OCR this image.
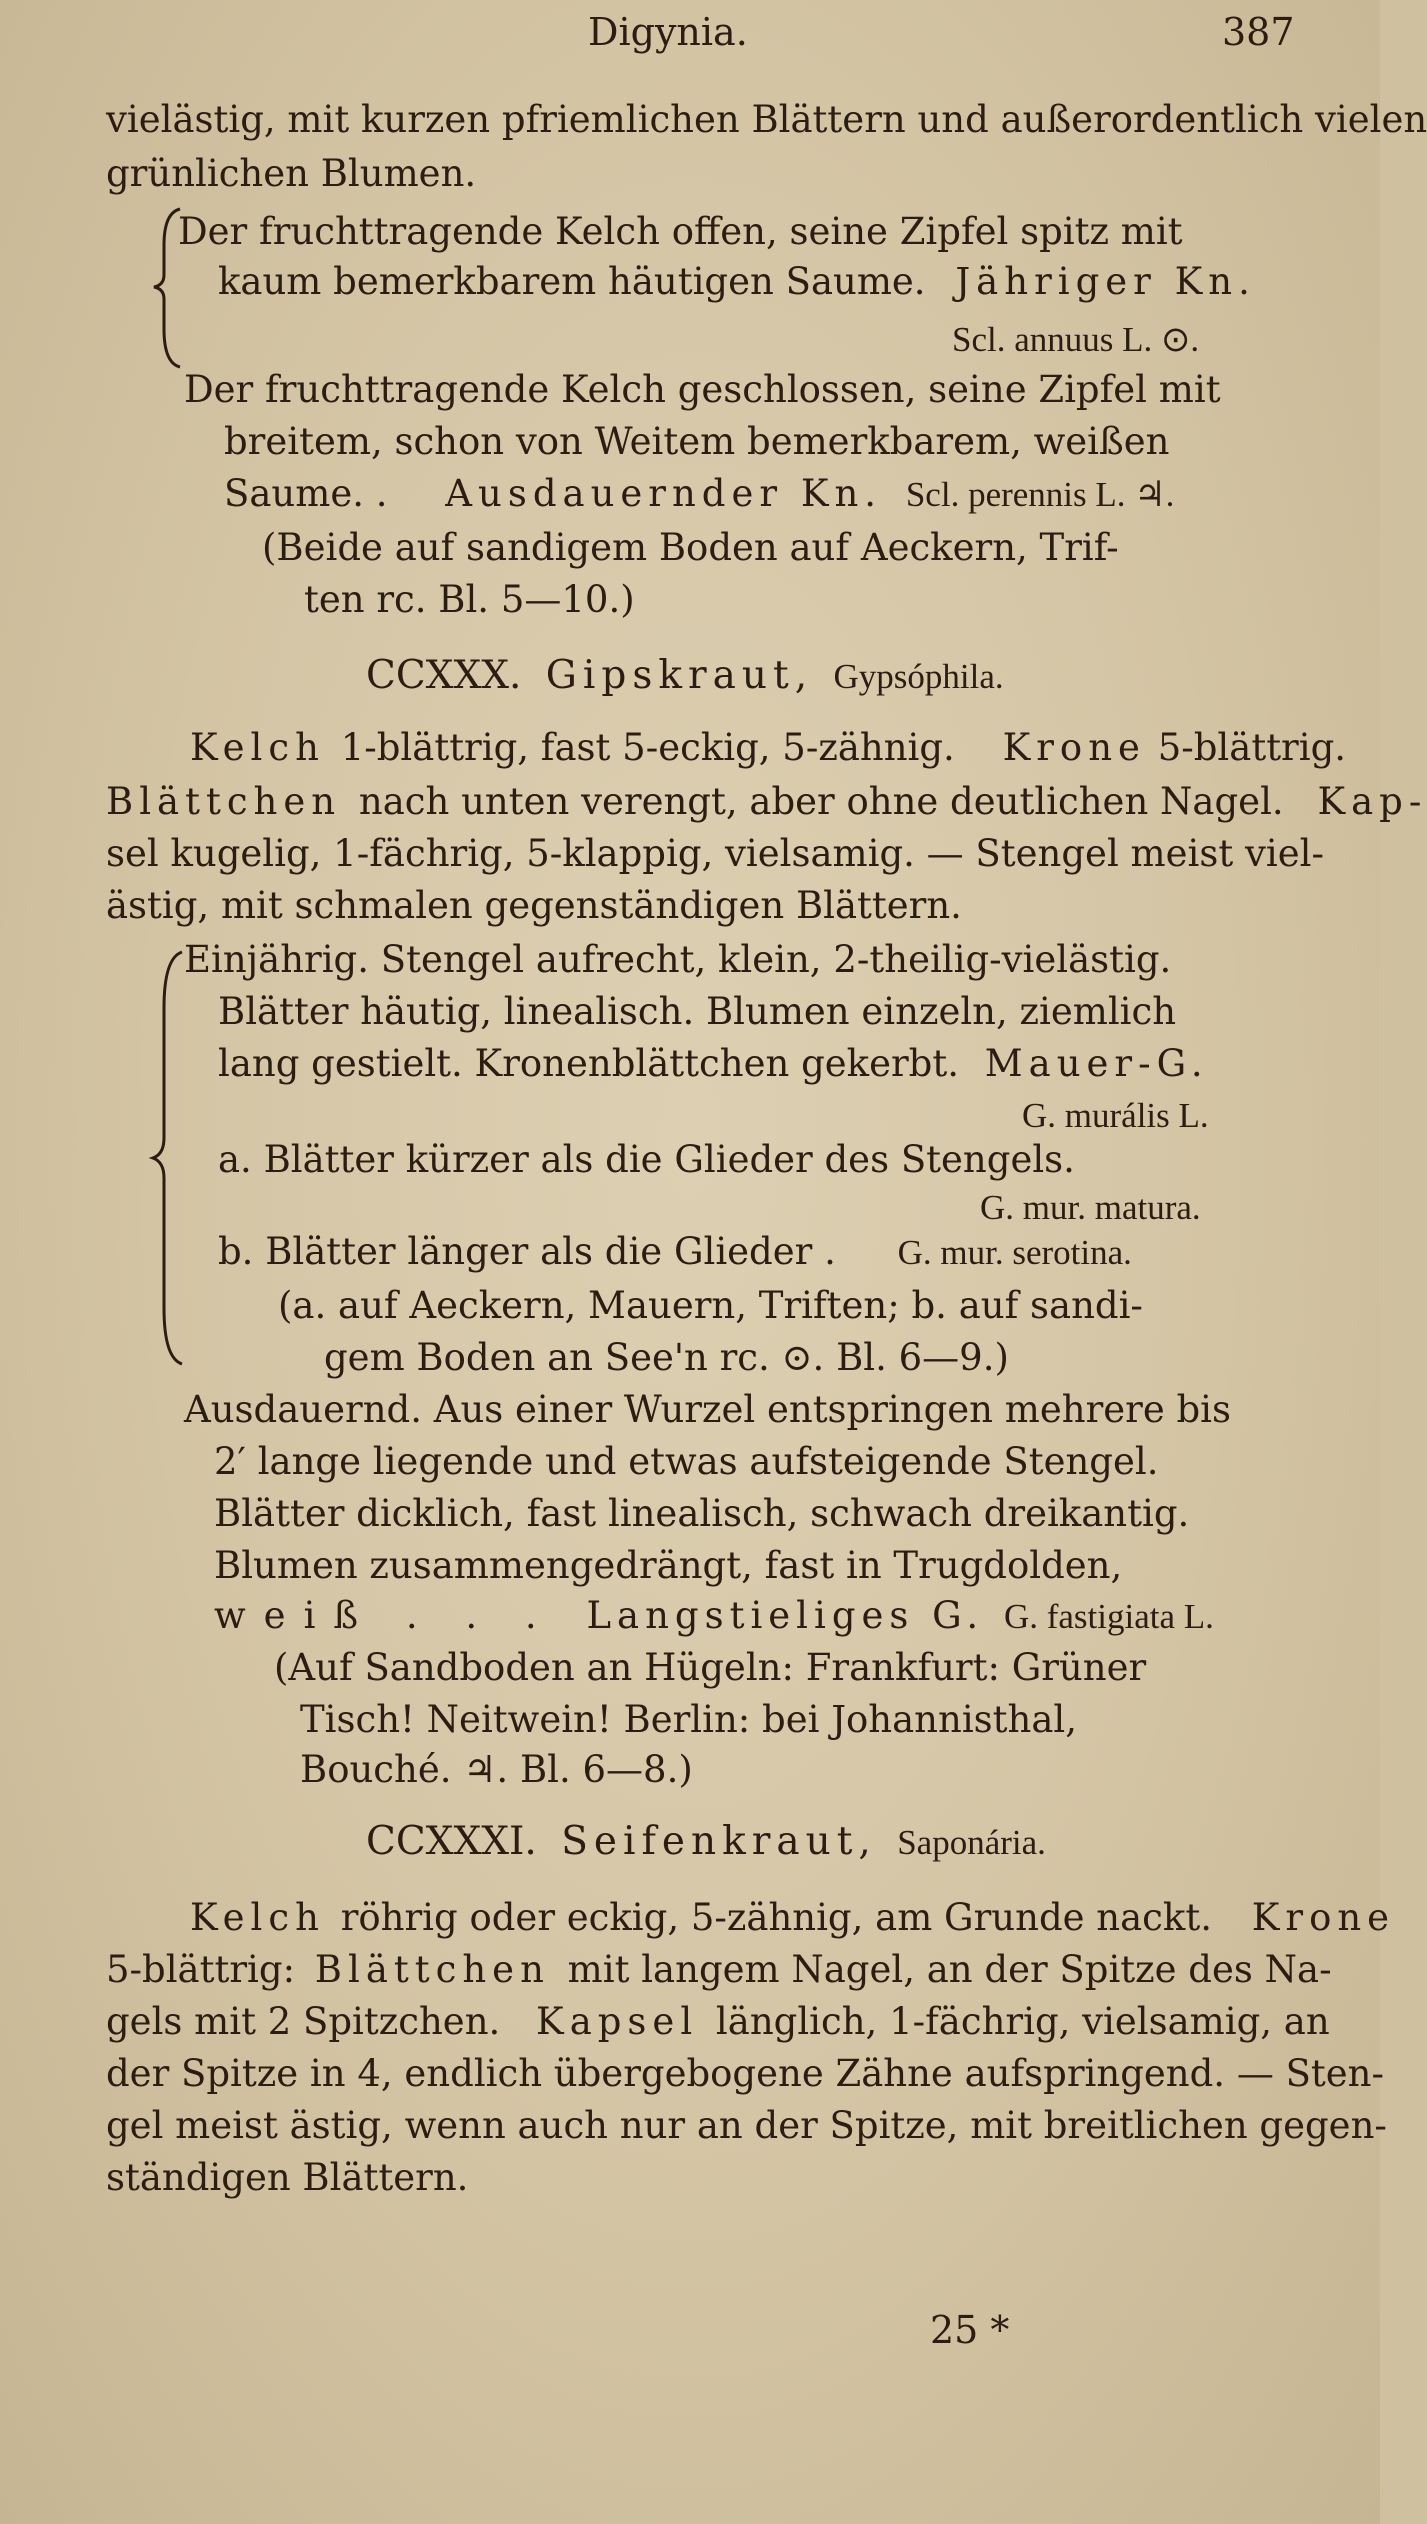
Digynia.	387
vielästig, mit kurzen pfriemlichen Blättern und außerordentlich vielen
grünlichen Blumen.
Der fruchttragende Kelch offen, seine Zipfel spitz mit
kaum bemerkbarem häutigen Saume. Jähriger Kn.
Scl. annuus L. ⊙.
Der fruchttragende Kelch geschlossen, seine Zipfel mit
breitem, schon von Weitem bemerkbarem, weißen
Saume. . Ausdauernder Kn. Scl. perennis L. ♃.
(Beide auf sandigem Boden auf Aeckern, Trif-
ten rc. Bl. 5—10.)
CCXXX. Gipskraut, Gypsóphila.
Kelch 1-blättrig, fast 5-eckig, 5-zähnig. Krone 5-blättrig.
Blättchen nach unten verengt, aber ohne deutlichen Nagel. Kap-
sel kugelig, 1-fächrig, 5-klappig, vielsamig. — Stengel meist viel-
ästig, mit schmalen gegenständigen Blättern.
Einjährig. Stengel aufrecht, klein, 2-theilig-vielästig.
Blätter häutig, linealisch. Blumen einzeln, ziemlich
lang gestielt. Kronenblättchen gekerbt. Mauer-G.
G. murális L.
a. Blätter kürzer als die Glieder des Stengels.
G. mur. matura.
b. Blätter länger als die Glieder . G. mur. serotina.
(a. auf Aeckern, Mauern, Triften; b. auf sandi-
gem Boden an See'n rc. ⊙. Bl. 6—9.)
Ausdauernd. Aus einer Wurzel entspringen mehrere bis
2′ lange liegende und etwas aufsteigende Stengel.
Blätter dicklich, fast linealisch, schwach dreikantig.
Blumen zusammengedrängt, fast in Trugdolden,
weiß . . . Langstieliges G. G. fastigiata L.
(Auf Sandboden an Hügeln: Frankfurt: Grüner
Tisch! Neitwein! Berlin: bei Johannisthal,
Bouché. ♃. Bl. 6—8.)
CCXXXI. Seifenkraut, Saponária.
Kelch röhrig oder eckig, 5-zähnig, am Grunde nackt. Krone
5-blättrig: Blättchen mit langem Nagel, an der Spitze des Na-
gels mit 2 Spitzchen. Kapsel länglich, 1-fächrig, vielsamig, an
der Spitze in 4, endlich übergebogene Zähne aufspringend. — Sten-
gel meist ästig, wenn auch nur an der Spitze, mit breitlichen gegen-
ständigen Blättern.
25 *
